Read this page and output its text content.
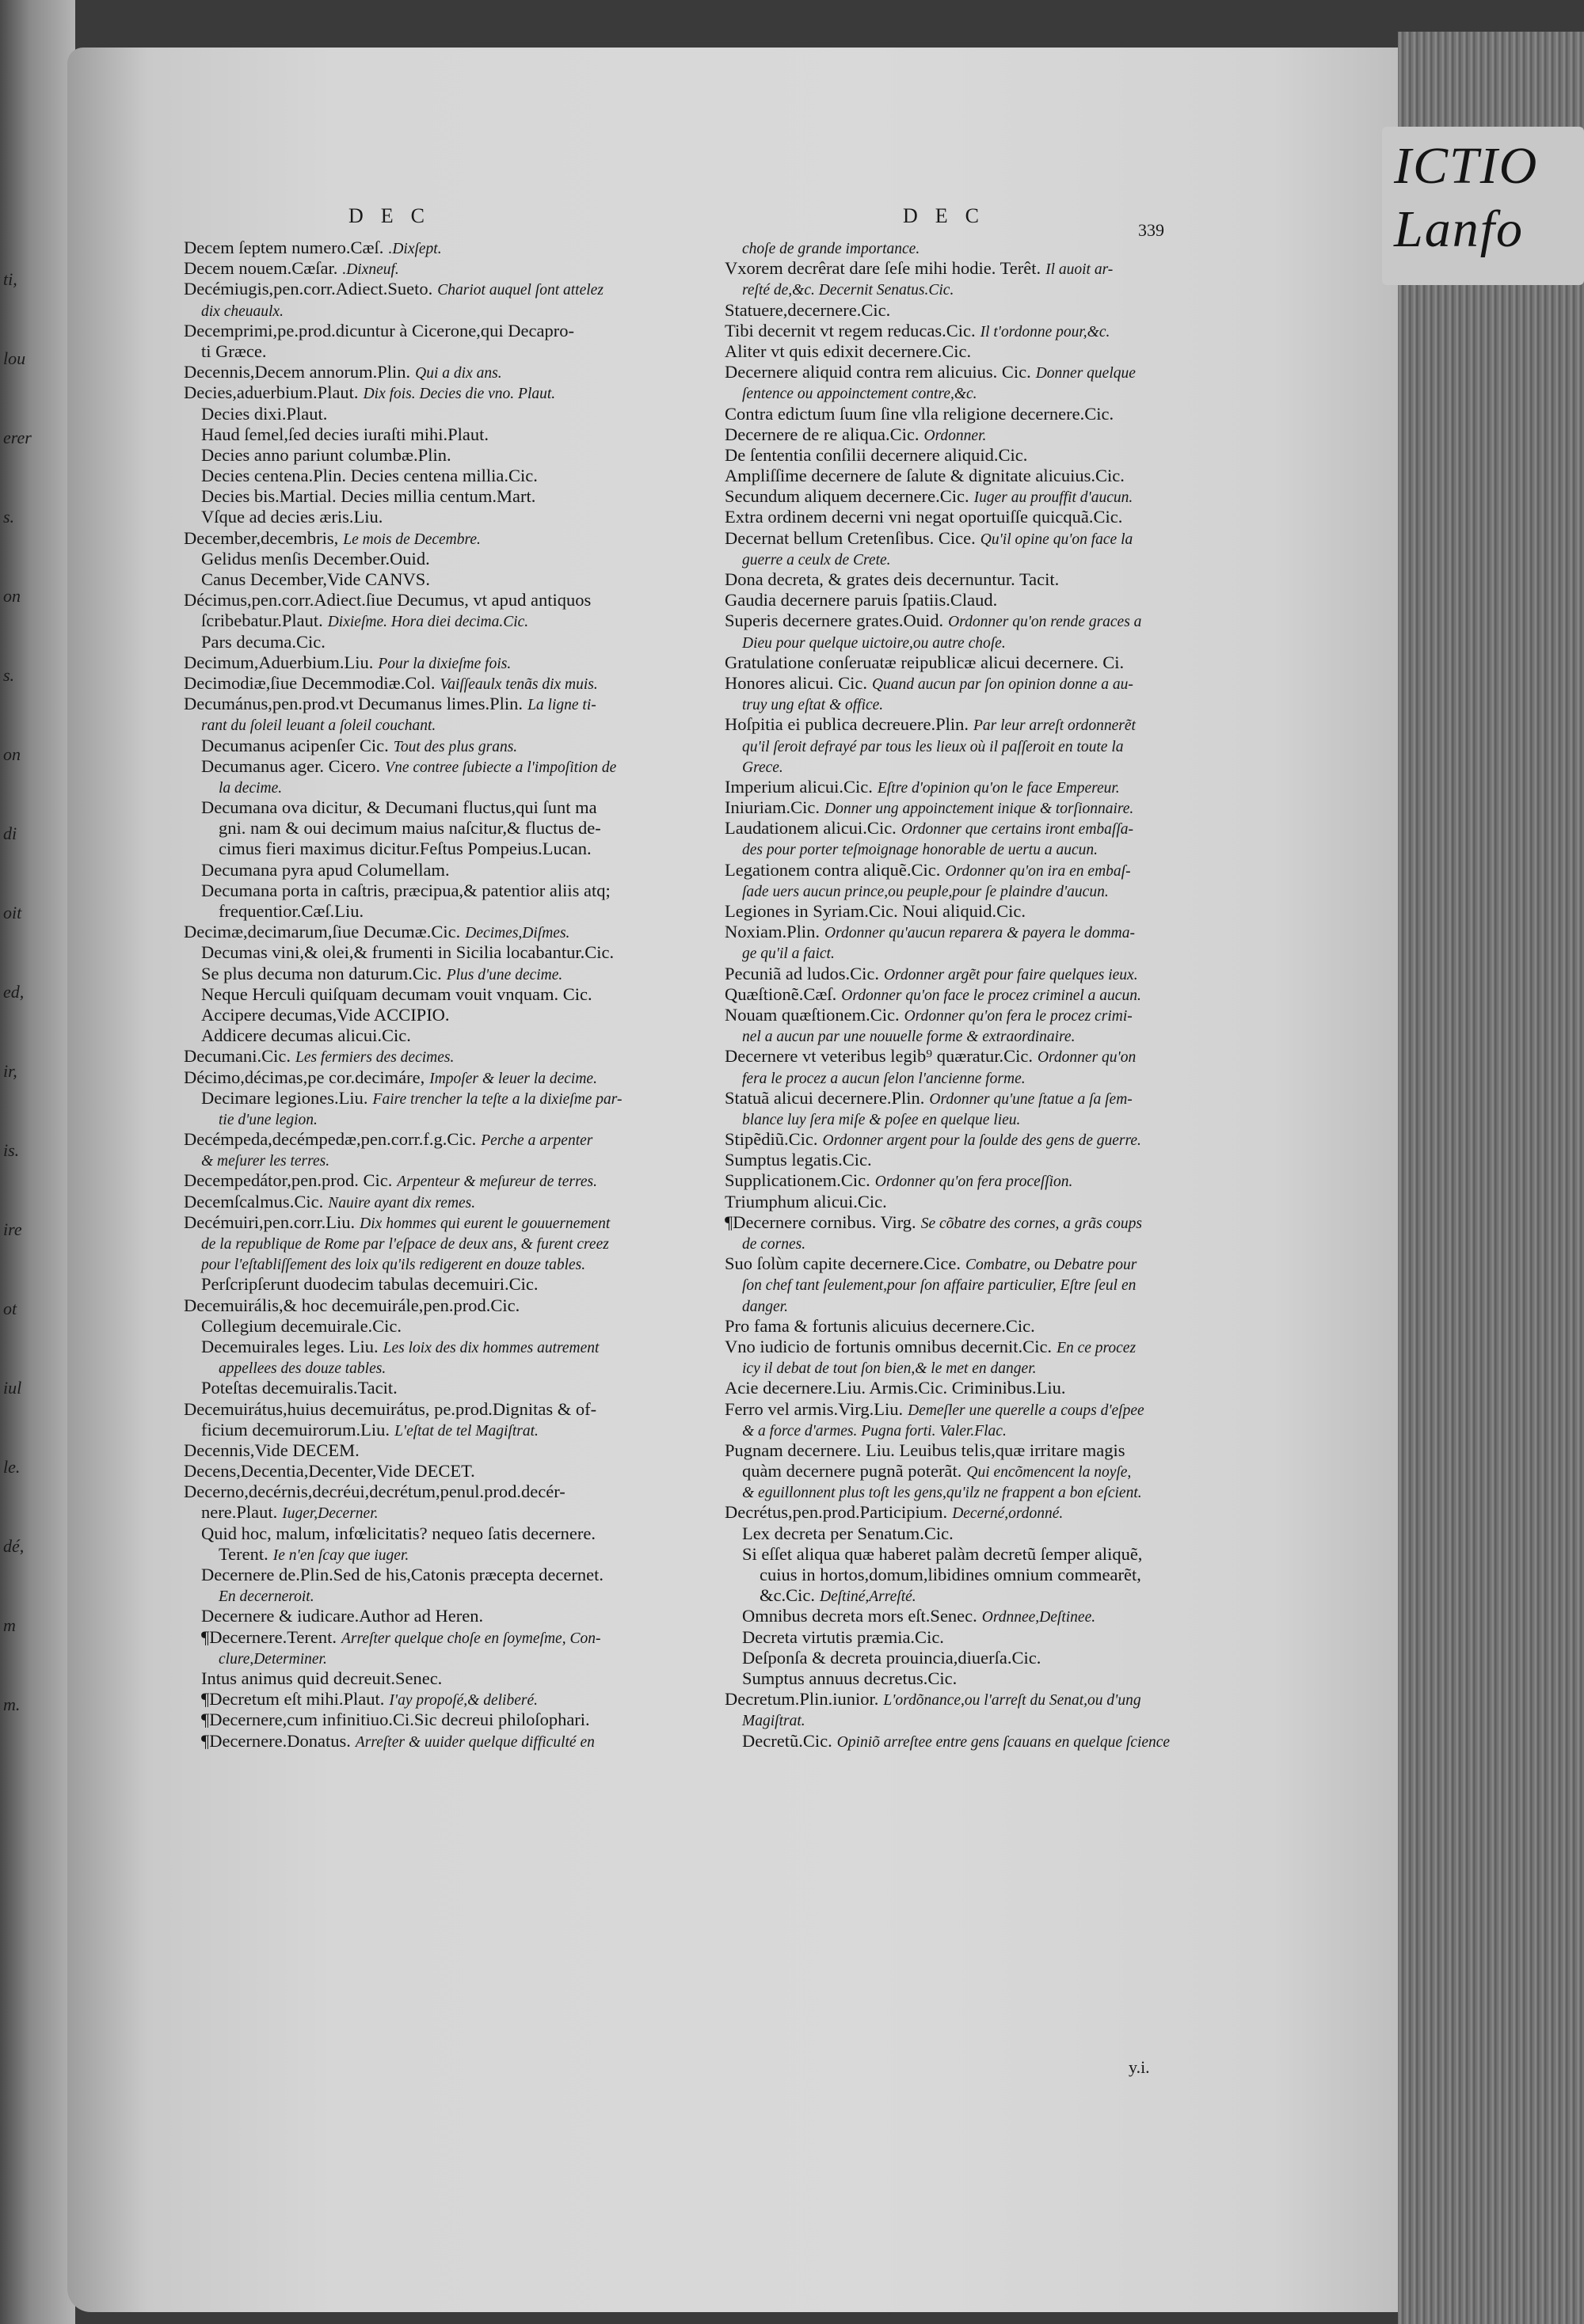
ti,
lou
erer
s.
on
s.
on
di
oit
ed,
ir,
is.
ire
ot
iul
le.
dé,
m
m.
ICTIO Lanfo
DEC	DEC
339
Decem ſeptem numero.Cæſ. .Dixſept.
Decem nouem.Cæſar. .Dixneuf.
Decémiugis,pen.corr.Adiect.Sueto. Chariot auquel ſont attelez
dix cheuaulx.
Decemprimi,pe.prod.dicuntur à Cicerone,qui Decapro-
ti Græce.
Decennis,Decem annorum.Plin. Qui a dix ans.
Decies,aduerbium.Plaut. Dix fois. Decies die vno. Plaut.
Decies dixi.Plaut.
Haud ſemel,ſed decies iuraſti mihi.Plaut.
Decies anno pariunt columbæ.Plin.
Decies centena.Plin. Decies centena millia.Cic.
Decies bis.Martial. Decies millia centum.Mart.
Vſque ad decies æris.Liu.
December,decembris, Le mois de Decembre.
Gelidus menſis December.Ouid.
Canus December,Vide CANVS.
Décimus,pen.corr.Adiect.ſiue Decumus, vt apud antiquos
ſcribebatur.Plaut. Dixieſme. Hora diei decima.Cic.
Pars decuma.Cic.
Decimum,Aduerbium.Liu. Pour la dixieſme fois.
Decimodiæ,ſiue Decemmodiæ.Col. Vaiſſeaulx tenãs dix muis.
Decumánus,pen.prod.vt Decumanus limes.Plin. La ligne ti-
rant du ſoleil leuant a ſoleil couchant.
Decumanus acipenſer Cic. Tout des plus grans.
Decumanus ager. Cicero. Vne contree ſubiecte a l'impoſition de
la decime.
Decumana ova dicitur, & Decumani fluctus,qui ſunt ma
gni. nam & oui decimum maius naſcitur,& fluctus de-
cimus fieri maximus dicitur.Feſtus Pompeius.Lucan.
Decumana pyra apud Columellam.
Decumana porta in caſtris, præcipua,& patentior aliis atq;
frequentior.Cæſ.Liu.
Decimæ,decimarum,ſiue Decumæ.Cic. Decimes,Diſmes.
Decumas vini,& olei,& frumenti in Sicilia locabantur.Cic.
Se plus decuma non daturum.Cic. Plus d'une decime.
Neque Herculi quiſquam decumam vouit vnquam. Cic.
Accipere decumas,Vide ACCIPIO.
Addicere decumas alicui.Cic.
Decumani.Cic. Les fermiers des decimes.
Décimo,décimas,pe cor.decimáre, Impoſer & leuer la decime.
Decimare legiones.Liu. Faire trencher la teſte a la dixieſme par-
tie d'une legion.
Decémpeda,decémpedæ,pen.corr.f.g.Cic. Perche a arpenter
& meſurer les terres.
Decempedátor,pen.prod. Cic. Arpenteur & meſureur de terres.
Decemſcalmus.Cic. Nauire ayant dix remes.
Decémuiri,pen.corr.Liu. Dix hommes qui eurent le gouuernement
de la republique de Rome par l'eſpace de deux ans, & furent creez
pour l'eſtabliſſement des loix qu'ils redigerent en douze tables.
Perſcripſerunt duodecim tabulas decemuiri.Cic.
Decemuirális,& hoc decemuirále,pen.prod.Cic.
Collegium decemuirale.Cic.
Decemuirales leges. Liu. Les loix des dix hommes autrement
appellees des douze tables.
Poteſtas decemuiralis.Tacit.
Decemuirátus,huius decemuirátus, pe.prod.Dignitas & of-
ficium decemuirorum.Liu. L'eſtat de tel Magiſtrat.
Decennis,Vide DECEM.
Decens,Decentia,Decenter,Vide DECET.
Decerno,decérnis,decréui,decrétum,penul.prod.decér-
nere.Plaut. Iuger,Decerner.
Quid hoc, malum, infœlicitatis? nequeo ſatis decernere.
Terent. Ie n'en ſcay que iuger.
Decernere de.Plin.Sed de his,Catonis præcepta decernet.
En decerneroit.
Decernere & iudicare.Author ad Heren.
¶Decernere.Terent. Arreſter quelque choſe en ſoymeſme, Con-
clure,Determiner.
Intus animus quid decreuit.Senec.
¶Decretum eſt mihi.Plaut. I'ay propoſé,& deliberé.
¶Decernere,cum infinitiuo.Ci.Sic decreui philoſophari.
¶Decernere.Donatus. Arreſter & uuider quelque difficulté en
choſe de grande importance.
Vxorem decrêrat dare ſeſe mihi hodie. Terêt. Il auoit ar-
reſté de,&c. Decernit Senatus.Cic.
Statuere,decernere.Cic.
Tibi decernit vt regem reducas.Cic. Il t'ordonne pour,&c.
Aliter vt quis edixit decernere.Cic.
Decernere aliquid contra rem alicuius. Cic. Donner quelque
ſentence ou appoinctement contre,&c.
Contra edictum ſuum ſine vlla religione decernere.Cic.
Decernere de re aliqua.Cic. Ordonner.
De ſententia conſilii decernere aliquid.Cic.
Ampliſſime decernere de ſalute & dignitate alicuius.Cic.
Secundum aliquem decernere.Cic. Iuger au prouffit d'aucun.
Extra ordinem decerni vni negat oportuiſſe quicquã.Cic.
Decernat bellum Cretenſibus. Cice. Qu'il opine qu'on face la
guerre a ceulx de Crete.
Dona decreta, & grates deis decernuntur. Tacit.
Gaudia decernere paruis ſpatiis.Claud.
Superis decernere grates.Ouid. Ordonner qu'on rende graces a
Dieu pour quelque uictoire,ou autre choſe.
Gratulatione conſeruatæ reipublicæ alicui decernere. Ci.
Honores alicui. Cic. Quand aucun par ſon opinion donne a au-
truy ung eſtat & office.
Hoſpitia ei publica decreuere.Plin. Par leur arreſt ordonnerẽt
qu'il ſeroit defrayé par tous les lieux où il paſſeroit en toute la
Grece.
Imperium alicui.Cic. Eſtre d'opinion qu'on le face Empereur.
Iniuriam.Cic. Donner ung appoinctement inique & torſionnaire.
Laudationem alicui.Cic. Ordonner que certains iront embaſſa-
des pour porter teſmoignage honorable de uertu a aucun.
Legationem contra aliquẽ.Cic. Ordonner qu'on ira en embaſ-
ſade uers aucun prince,ou peuple,pour ſe plaindre d'aucun.
Legiones in Syriam.Cic. Noui aliquid.Cic.
Noxiam.Plin. Ordonner qu'aucun reparera & payera le domma-
ge qu'il a faict.
Pecuniã ad ludos.Cic. Ordonner argẽt pour faire quelques ieux.
Quæſtionẽ.Cæſ. Ordonner qu'on face le procez criminel a aucun.
Nouam quæſtionem.Cic. Ordonner qu'on fera le procez crimi-
nel a aucun par une nouuelle forme & extraordinaire.
Decernere vt veteribus legib⁹ quæratur.Cic. Ordonner qu'on
fera le procez a aucun ſelon l'ancienne forme.
Statuã alicui decernere.Plin. Ordonner qu'une ſtatue a ſa ſem-
blance luy ſera miſe & poſee en quelque lieu.
Stipẽdiũ.Cic. Ordonner argent pour la ſoulde des gens de guerre.
Sumptus legatis.Cic.
Supplicationem.Cic. Ordonner qu'on fera proceſſion.
Triumphum alicui.Cic.
¶Decernere cornibus. Virg. Se cõbatre des cornes, a grãs coups
de cornes.
Suo ſolùm capite decernere.Cice. Combatre, ou Debatre pour
ſon chef tant ſeulement,pour ſon affaire particulier, Eſtre ſeul en
danger.
Pro fama & fortunis alicuius decernere.Cic.
Vno iudicio de fortunis omnibus decernit.Cic. En ce procez
icy il debat de tout ſon bien,& le met en danger.
Acie decernere.Liu. Armis.Cic. Criminibus.Liu.
Ferro vel armis.Virg.Liu. Demeſler une querelle a coups d'eſpee
& a force d'armes. Pugna forti. Valer.Flac.
Pugnam decernere. Liu. Leuibus telis,quæ irritare magis
quàm decernere pugnã poterãt. Qui encõmencent la noyſe,
& eguillonnent plus toſt les gens,qu'ilz ne frappent a bon eſcient.
Decrétus,pen.prod.Participium. Decerné,ordonné.
Lex decreta per Senatum.Cic.
Si eſſet aliqua quæ haberet palàm decretũ ſemper aliquẽ,
cuius in hortos,domum,libidines omnium commearẽt,
&c.Cic. Deſtiné,Arreſté.
Omnibus decreta mors eſt.Senec. Ordnnee,Deſtinee.
Decreta virtutis præmia.Cic.
Deſponſa & decreta prouincia,diuerſa.Cic.
Sumptus annuus decretus.Cic.
Decretum.Plin.iunior. L'ordõnance,ou l'arreſt du Senat,ou d'ung
Magiſtrat.
Decretũ.Cic. Opiniõ arreſtee entre gens ſcauans en quelque ſcience
y.i.
